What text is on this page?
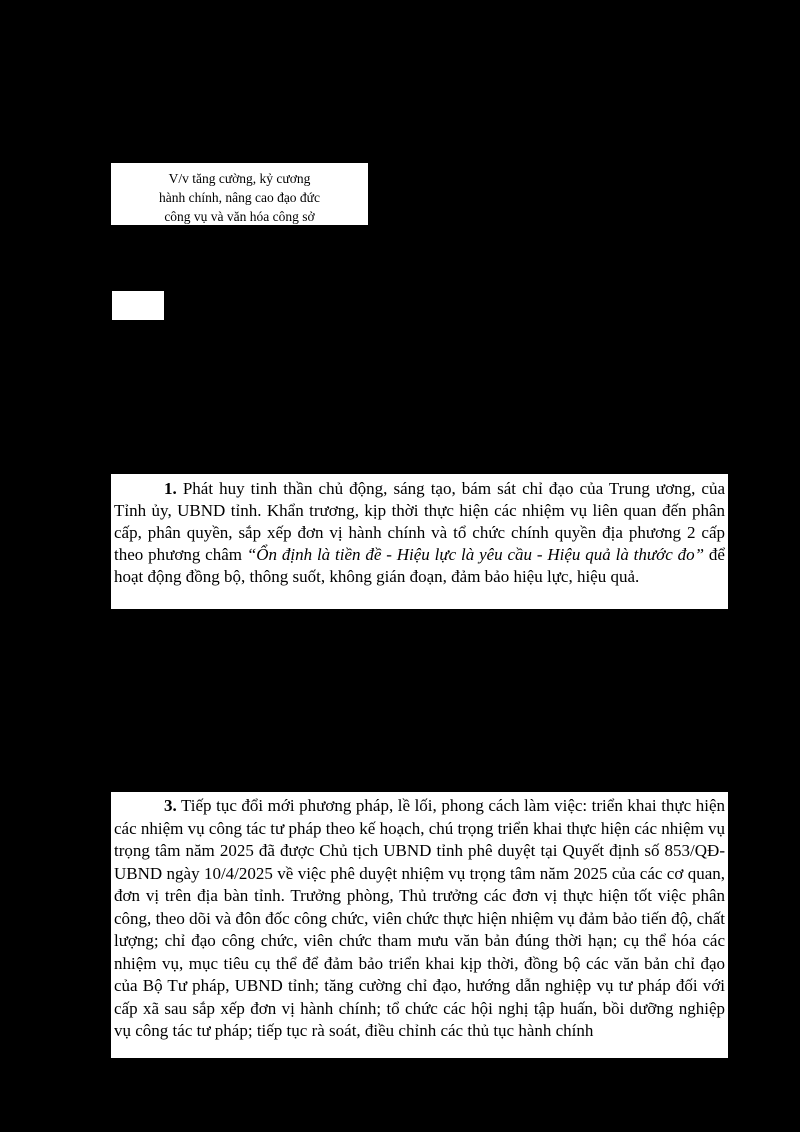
V/v tăng cường, kỷ cương
hành chính, nâng cao đạo đức
công vụ và văn hóa công sở

1. Phát huy tinh thần chủ động, sáng tạo, bám sát chỉ đạo của Trung ương, của Tỉnh ủy, UBND tỉnh. Khẩn trương, kịp thời thực hiện các nhiệm vụ liên quan đến phân cấp, phân quyền, sắp xếp đơn vị hành chính và tổ chức chính quyền địa phương 2 cấp theo phương châm “Ổn định là tiền đề - Hiệu lực là yêu cầu - Hiệu quả là thước đo” để hoạt động đồng bộ, thông suốt, không gián đoạn, đảm bảo hiệu lực, hiệu quả.

3. Tiếp tục đổi mới phương pháp, lề lối, phong cách làm việc: triển khai thực hiện các nhiệm vụ công tác tư pháp theo kế hoạch, chú trọng triển khai thực hiện các nhiệm vụ trọng tâm năm 2025 đã được Chủ tịch UBND tỉnh phê duyệt tại Quyết định số 853/QĐ-UBND ngày 10/4/2025 về việc phê duyệt nhiệm vụ trọng tâm năm 2025 của các cơ quan, đơn vị trên địa bàn tỉnh. Trưởng phòng, Thủ trưởng các đơn vị thực hiện tốt việc phân công, theo dõi và đôn đốc công chức, viên chức thực hiện nhiệm vụ đảm bảo tiến độ, chất lượng; chỉ đạo công chức, viên chức tham mưu văn bản đúng thời hạn; cụ thể hóa các nhiệm vụ, mục tiêu cụ thể để đảm bảo triển khai kịp thời, đồng bộ các văn bản chỉ đạo của Bộ Tư pháp, UBND tỉnh; tăng cường chỉ đạo, hướng dẫn nghiệp vụ tư pháp đối với cấp xã sau sắp xếp đơn vị hành chính; tổ chức các hội nghị tập huấn, bồi dưỡng nghiệp vụ công tác tư pháp; tiếp tục rà soát, điều chỉnh các thủ tục hành chính
